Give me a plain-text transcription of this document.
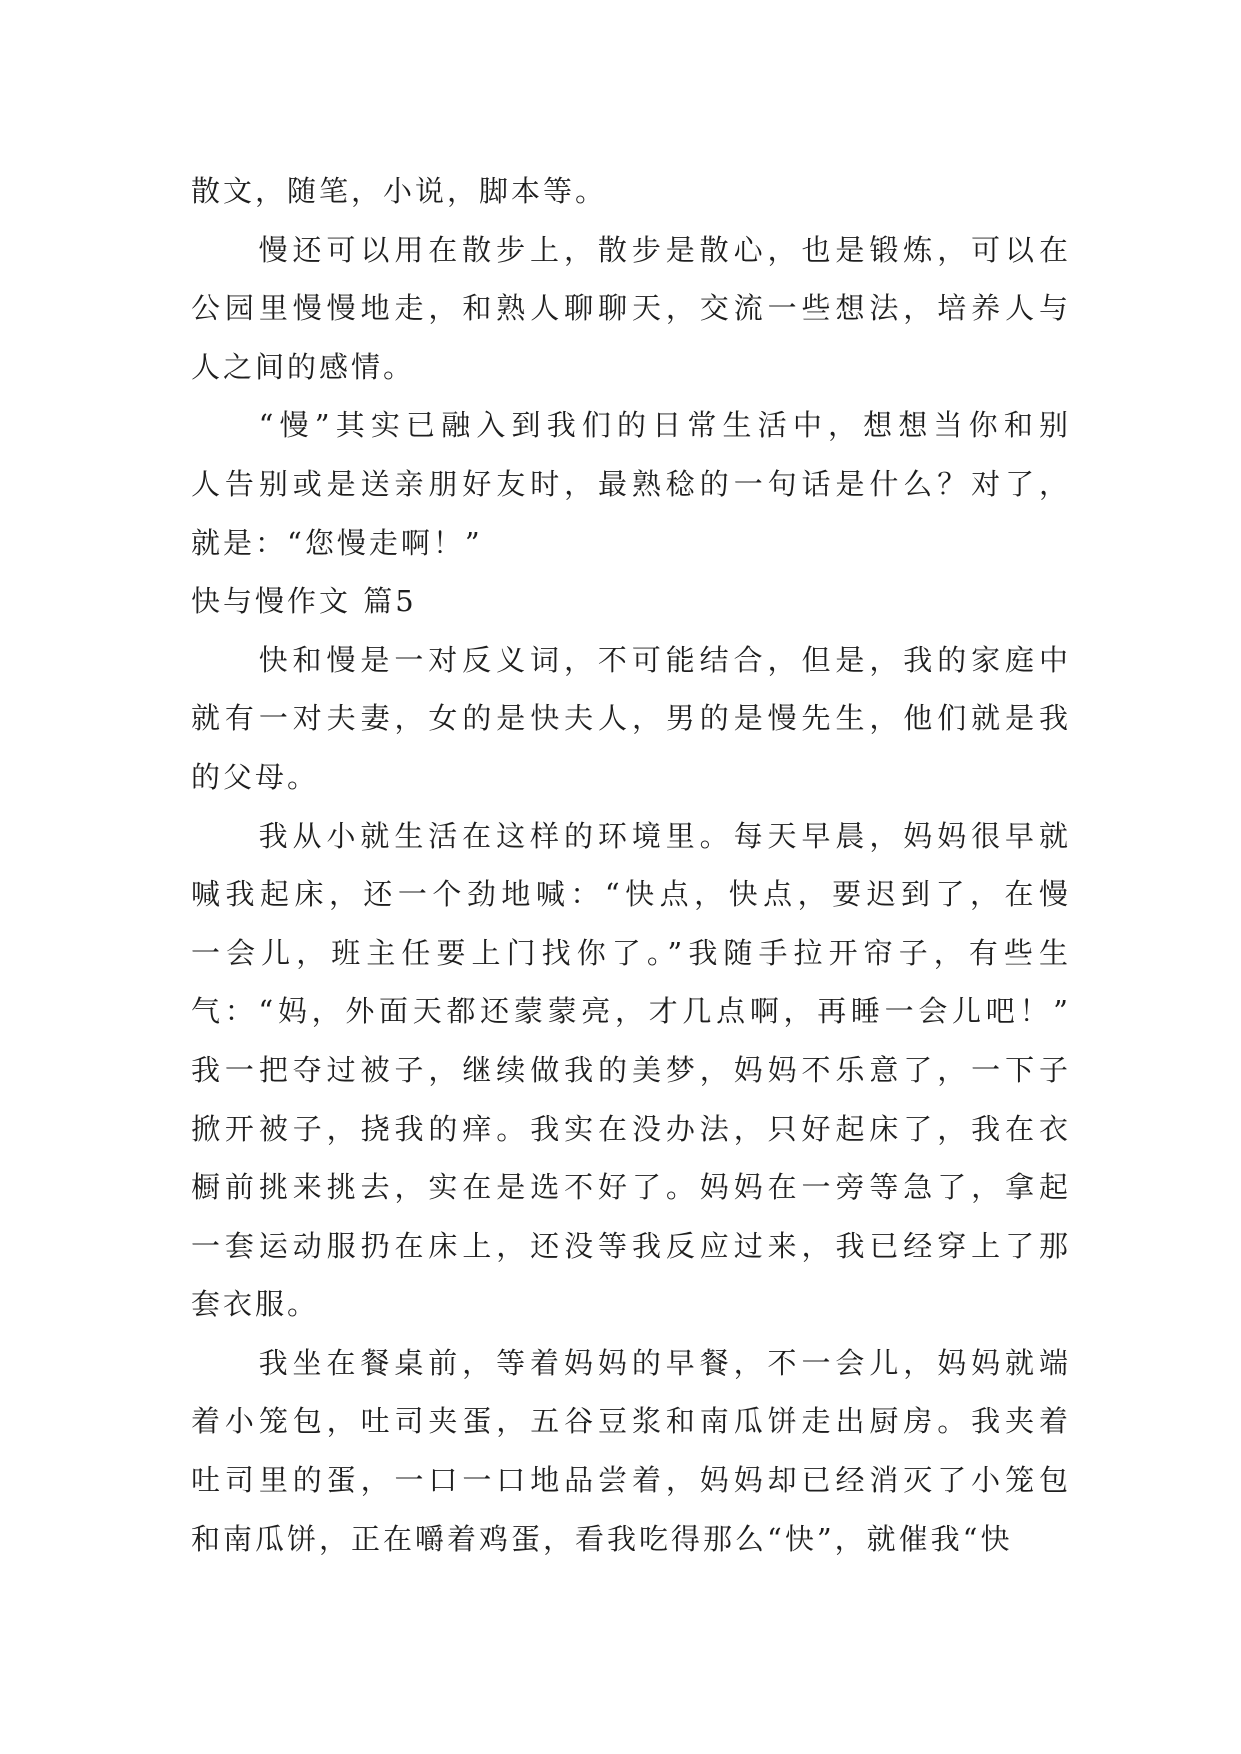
散文，随笔，小说，脚本等。
慢还可以用在散步上，散步是散心，也是锻炼，可以在
公园里慢慢地走，和熟人聊聊天，交流一些想法，培养人与
人之间的感情。
“慢”其实已融入到我们的日常生活中，想想当你和别
人告别或是送亲朋好友时，最熟稔的一句话是什么？对了，
就是：“您慢走啊！”
快与慢作文 篇5
快和慢是一对反义词，不可能结合，但是，我的家庭中
就有一对夫妻，女的是快夫人，男的是慢先生，他们就是我
的父母。
我从小就生活在这样的环境里。每天早晨，妈妈很早就
喊我起床，还一个劲地喊：“快点，快点，要迟到了，在慢
一会儿，班主任要上门找你了。”我随手拉开帘子，有些生
气：“妈，外面天都还蒙蒙亮，才几点啊，再睡一会儿吧！”
我一把夺过被子，继续做我的美梦，妈妈不乐意了，一下子
掀开被子，挠我的痒。我实在没办法，只好起床了，我在衣
橱前挑来挑去，实在是选不好了。妈妈在一旁等急了，拿起
一套运动服扔在床上，还没等我反应过来，我已经穿上了那
套衣服。
我坐在餐桌前，等着妈妈的早餐，不一会儿，妈妈就端
着小笼包，吐司夹蛋，五谷豆浆和南瓜饼走出厨房。我夹着
吐司里的蛋，一口一口地品尝着，妈妈却已经消灭了小笼包
和南瓜饼，正在嚼着鸡蛋，看我吃得那么“快”，就催我“快
